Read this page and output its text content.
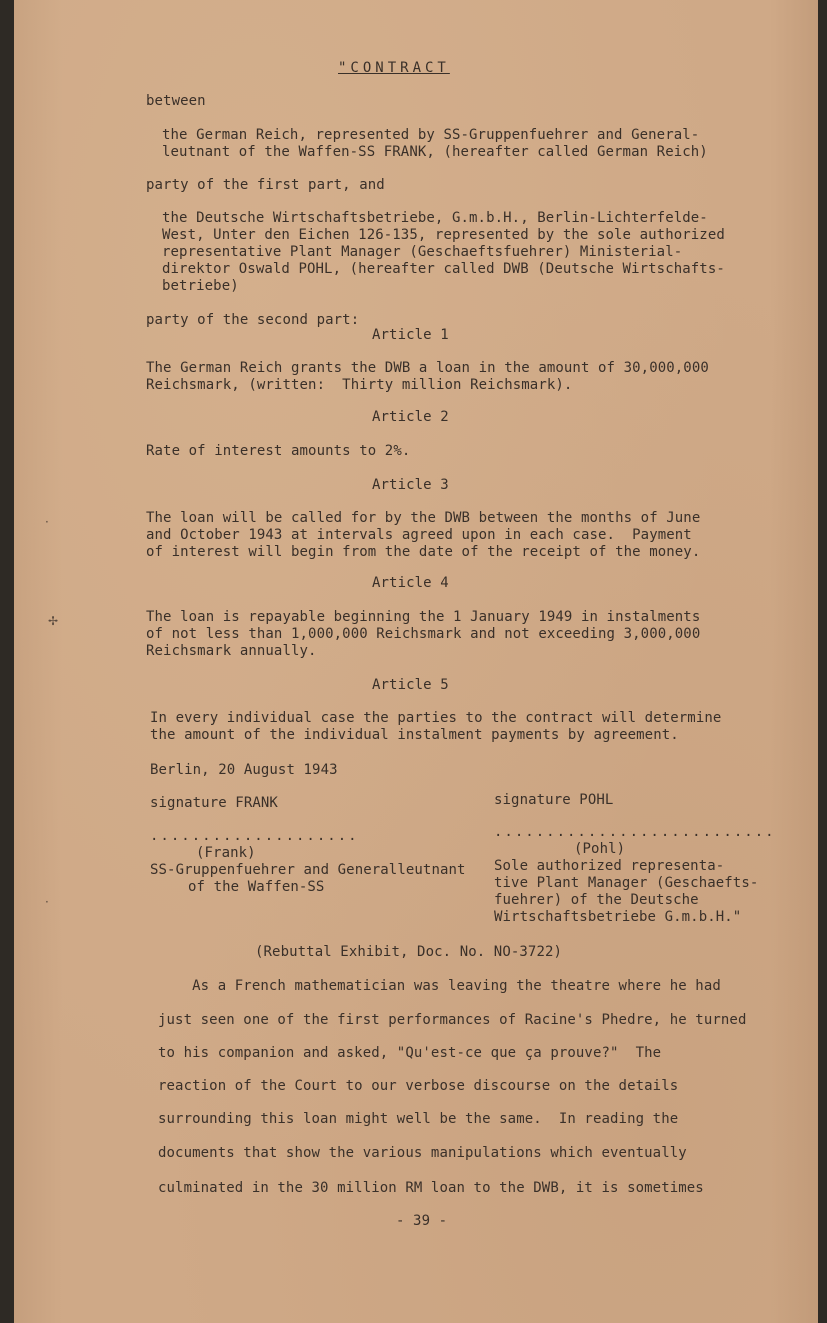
"CONTRACT
between
the German Reich, represented by SS-Gruppenfuehrer and General-
leutnant of the Waffen-SS FRANK, (hereafter called German Reich)
party of the first part, and
the Deutsche Wirtschaftsbetriebe, G.m.b.H., Berlin-Lichterfelde-
West, Unter den Eichen 126-135, represented by the sole authorized
representative Plant Manager (Geschaeftsfuehrer) Ministerial-
direktor Oswald POHL, (hereafter called DWB (Deutsche Wirtschafts-
betriebe)
party of the second part:
Article 1
The German Reich grants the DWB a loan in the amount of 30,000,000
Reichsmark, (written:  Thirty million Reichsmark).
Article 2
Rate of interest amounts to 2%.
Article 3
The loan will be called for by the DWB between the months of June
and October 1943 at intervals agreed upon in each case.  Payment
of interest will begin from the date of the receipt of the money.
Article 4
The loan is repayable beginning the 1 January 1949 in instalments
of not less than 1,000,000 Reichsmark and not exceeding 3,000,000
Reichsmark annually.
Article 5
In every individual case the parties to the contract will determine
the amount of the individual instalment payments by agreement.
Berlin, 20 August 1943
signature FRANK	signature POHL
....................	...........................
(Frank)	(Pohl)
SS-Gruppenfuehrer and Generalleutnant
of the Waffen-SS
Sole authorized representa-
tive Plant Manager (Geschaefts-
fuehrer) of the Deutsche
Wirtschaftsbetriebe G.m.b.H."
(Rebuttal Exhibit, Doc. No. NO-3722)
As a French mathematician was leaving the theatre where he had
just seen one of the first performances of Racine's Phedre, he turned
to his companion and asked, "Qu'est-ce que ça prouve?"  The
reaction of the Court to our verbose discourse on the details
surrounding this loan might well be the same.  In reading the
documents that show the various manipulations which eventually
culminated in the 30 million RM loan to the DWB, it is sometimes
- 39 -
·
✢
·
